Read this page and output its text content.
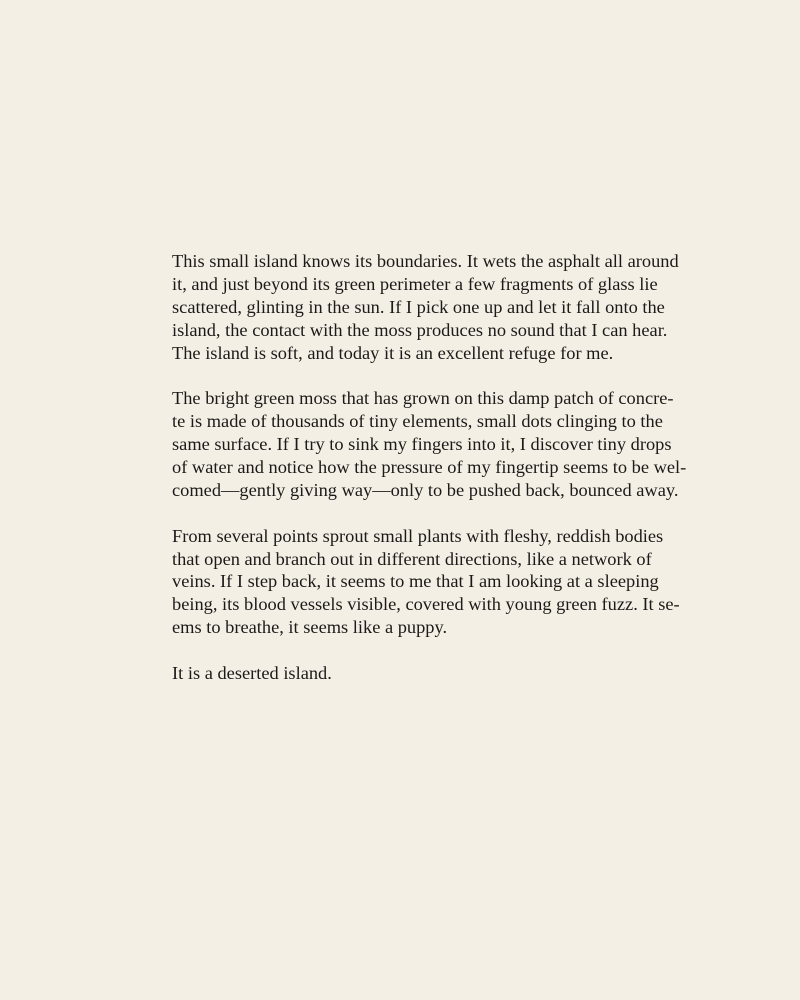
This small island knows its boundaries. It wets the asphalt all around
it, and just beyond its green perimeter a few fragments of glass lie
scattered, glinting in the sun. If I pick one up and let it fall onto the
island, the contact with the moss produces no sound that I can hear.
The island is soft, and today it is an excellent refuge for me.

The bright green moss that has grown on this damp patch of concre-
te is made of thousands of tiny elements, small dots clinging to the
same surface. If I try to sink my fingers into it, I discover tiny drops
of water and notice how the pressure of my fingertip seems to be wel-
comed—gently giving way—only to be pushed back, bounced away.

From several points sprout small plants with fleshy, reddish bodies
that open and branch out in different directions, like a network of
veins. If I step back, it seems to me that I am looking at a sleeping
being, its blood vessels visible, covered with young green fuzz. It se-
ems to breathe, it seems like a puppy.

It is a deserted island.
